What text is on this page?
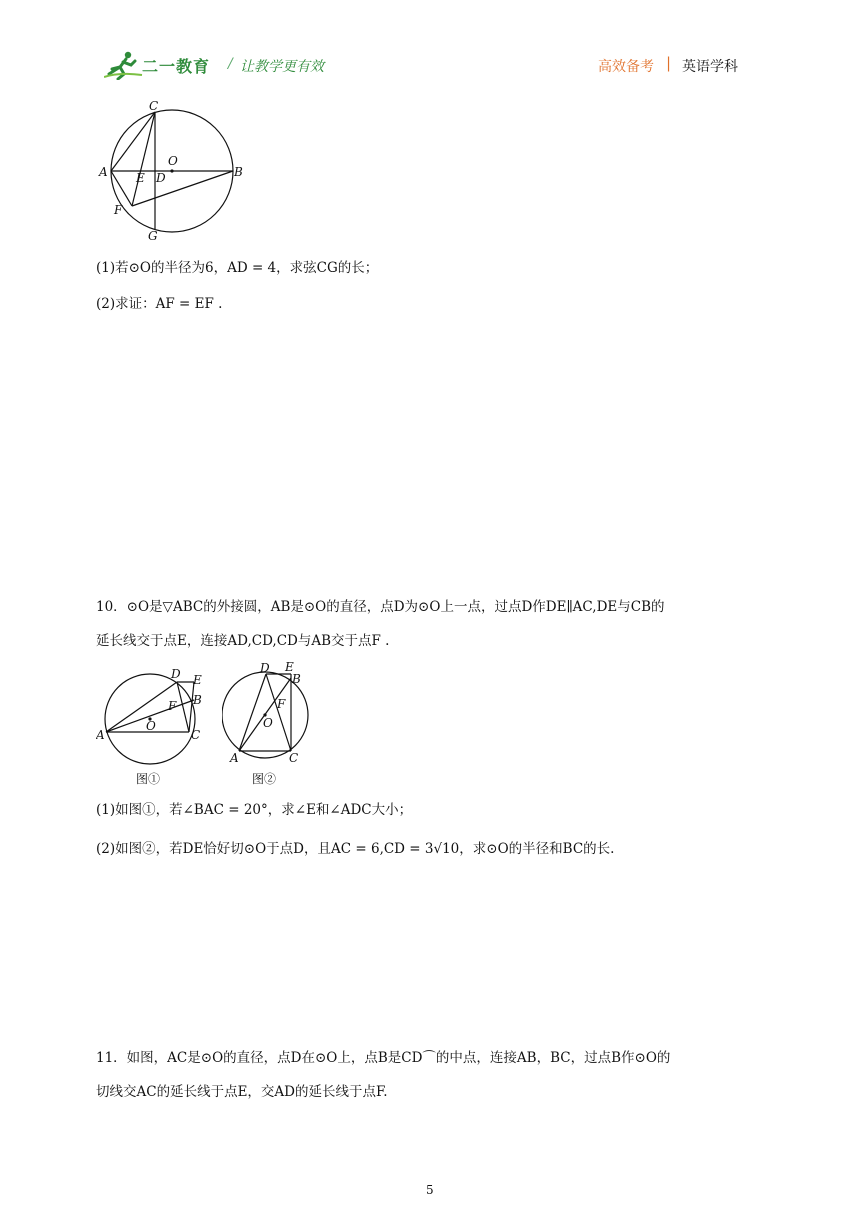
二一教育 / 让教学更有效	高效备考 | 英语学科
C
O
A	B
E D
F
G
(1)若⊙O的半径为6，AD = 4，求弦CG的长；
(2)求证：AF = EF .
10．⊙O是▽ABC的外接圆，AB是⊙O的直径，点D为⊙O上一点，过点D作DE∥AC,DE与CB的
延长线交于点E，连接AD,CD,CD与AB交于点F .
D E
B
F
O
A	C
图①
D E
B
F
O
A	C
图②
(1)如图①，若∠BAC = 20°，求∠E和∠ADC大小；
(2)如图②，若DE恰好切⊙O于点D，且AC = 6,CD = 3√10，求⊙O的半径和BC的长.
11．如图，AC是⊙O的直径，点D在⊙O上，点B是CD⌒的中点，连接AB，BC，过点B作⊙O的
切线交AC的延长线于点E，交AD的延长线于点F.
5
